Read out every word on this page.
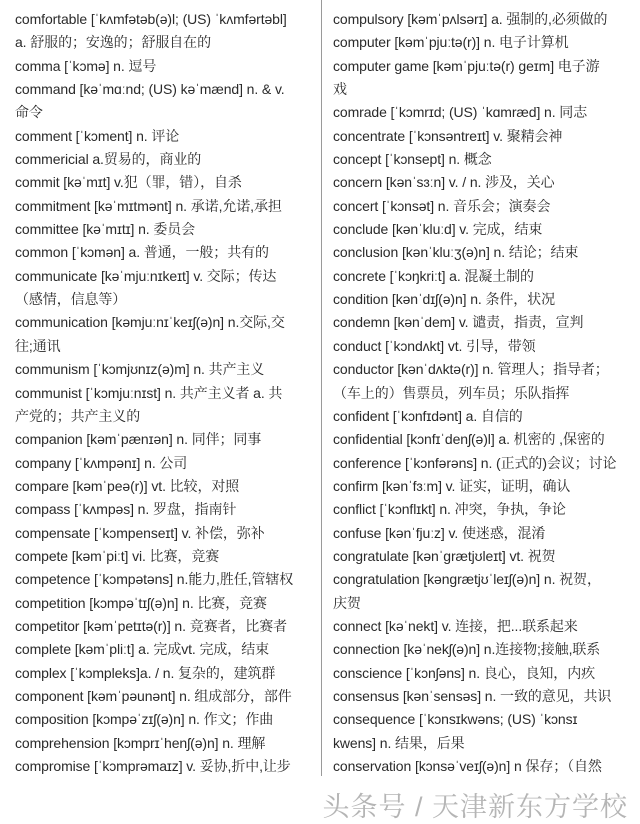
comfortable [ˈkʌmfətəb(ə)l; (US) ˈkʌmfərtəbl]
a. 舒服的；安逸的；舒服自在的
comma [ˈkɔmə] n. 逗号
command [kəˈmɑːnd; (US) kəˈmænd] n. & v.
命令
comment [ˈkɔment] n. 评论
commericial a.贸易的，商业的
commit [kəˈmɪt] v.犯（罪，错），自杀
commitment [kəˈmɪtmənt] n. 承诺,允诺,承担
committee [kəˈmɪtɪ] n. 委员会
common [ˈkɔmən] a. 普通，一般；共有的
communicate [kəˈmjuːnɪkeɪt] v. 交际；传达
（感情，信息等）
communication [kəmjuːnɪˈkeɪʃ(ə)n] n.交际,交
往;通讯
communism [ˈkɔmjʊnɪz(ə)m] n. 共产主义
communist [ˈkɔmjuːnɪst] n. 共产主义者 a. 共
产党的；共产主义的
companion [kəmˈpænɪən] n. 同伴；同事
company [ˈkʌmpənɪ] n. 公司
compare [kəmˈpeə(r)] vt. 比较，对照
compass [ˈkʌmpəs] n. 罗盘，指南针
compensate [ˈkɔmpenseɪt] v. 补偿，弥补
compete [kəmˈpiːt] vi. 比赛，竞赛
competence [ˈkɔmpətəns] n.能力,胜任,管辖权
competition [kɔmpəˈtɪʃ(ə)n] n. 比赛，竞赛
competitor [kəmˈpetɪtə(r)] n. 竞赛者，比赛者
complete [kəmˈpliːt] a. 完成vt. 完成，结束
complex [ˈkɔmpleks]a. / n. 复杂的，建筑群
component [kəmˈpəunənt] n. 组成部分，部件
composition [kɔmpəˈzɪʃ(ə)n] n. 作文；作曲
comprehension [kɔmprɪˈhenʃ(ə)n] n. 理解
compromise [ˈkɔmprəmaɪz] v. 妥协,折中,让步
compulsory [kəmˈpʌlsərɪ] a. 强制的,必须做的
computer [kəmˈpjuːtə(r)] n. 电子计算机
computer game [kəmˈpjuːtə(r) geɪm] 电子游
戏
comrade [ˈkɔmrɪd; (US) ˈkɑmræd] n. 同志
concentrate [ˈkɔnsəntreɪt] v. 聚精会神
concept [ˈkɔnsept] n. 概念
concern [kənˈsɜːn] v. / n. 涉及，关心
concert [ˈkɔnsət] n. 音乐会；演奏会
conclude [kənˈkluːd] v. 完成，结束
conclusion [kənˈkluːʒ(ə)n] n. 结论；结束
concrete [ˈkɔŋkriːt] a. 混凝土制的
condition [kənˈdɪʃ(ə)n] n. 条件，状况
condemn [kənˈdem] v. 谴责，指责，宣判
conduct [ˈkɔndʌkt] vt. 引导，带领
conductor [kənˈdʌktə(r)] n. 管理人；指导者；
（车上的）售票员，列车员；乐队指挥
confident [ˈkɔnfɪdənt] a. 自信的
confidential [kɔnfɪˈdenʃ(ə)l] a. 机密的 ,保密的
conference [ˈkɔnfərəns] n. (正式的)会议；讨论
confirm [kənˈfɜːm] v. 证实，证明，确认
conflict [ˈkɔnflɪkt] n. 冲突，争执，争论
confuse [kənˈfjuːz] v. 使迷惑，混淆
congratulate [kənˈgrætjʊleɪt] vt. 祝贺
congratulation [kəngrætjʊˈleɪʃ(ə)n] n. 祝贺，
庆贺
connect [kəˈnekt] v. 连接，把...联系起来
connection [kəˈnekʃ(ə)n] n.连接物;接触,联系
conscience [ˈkɔnʃəns] n. 良心，良知，内疚
consensus [kənˈsensəs] n. 一致的意见，共识
consequence [ˈkɔnsɪkwəns; (US) ˈkɔnsɪ
kwens] n. 结果，后果
conservation [kɔnsəˈveɪʃ(ə)n] n 保存；（自然
头条号 / 天津新东方学校
